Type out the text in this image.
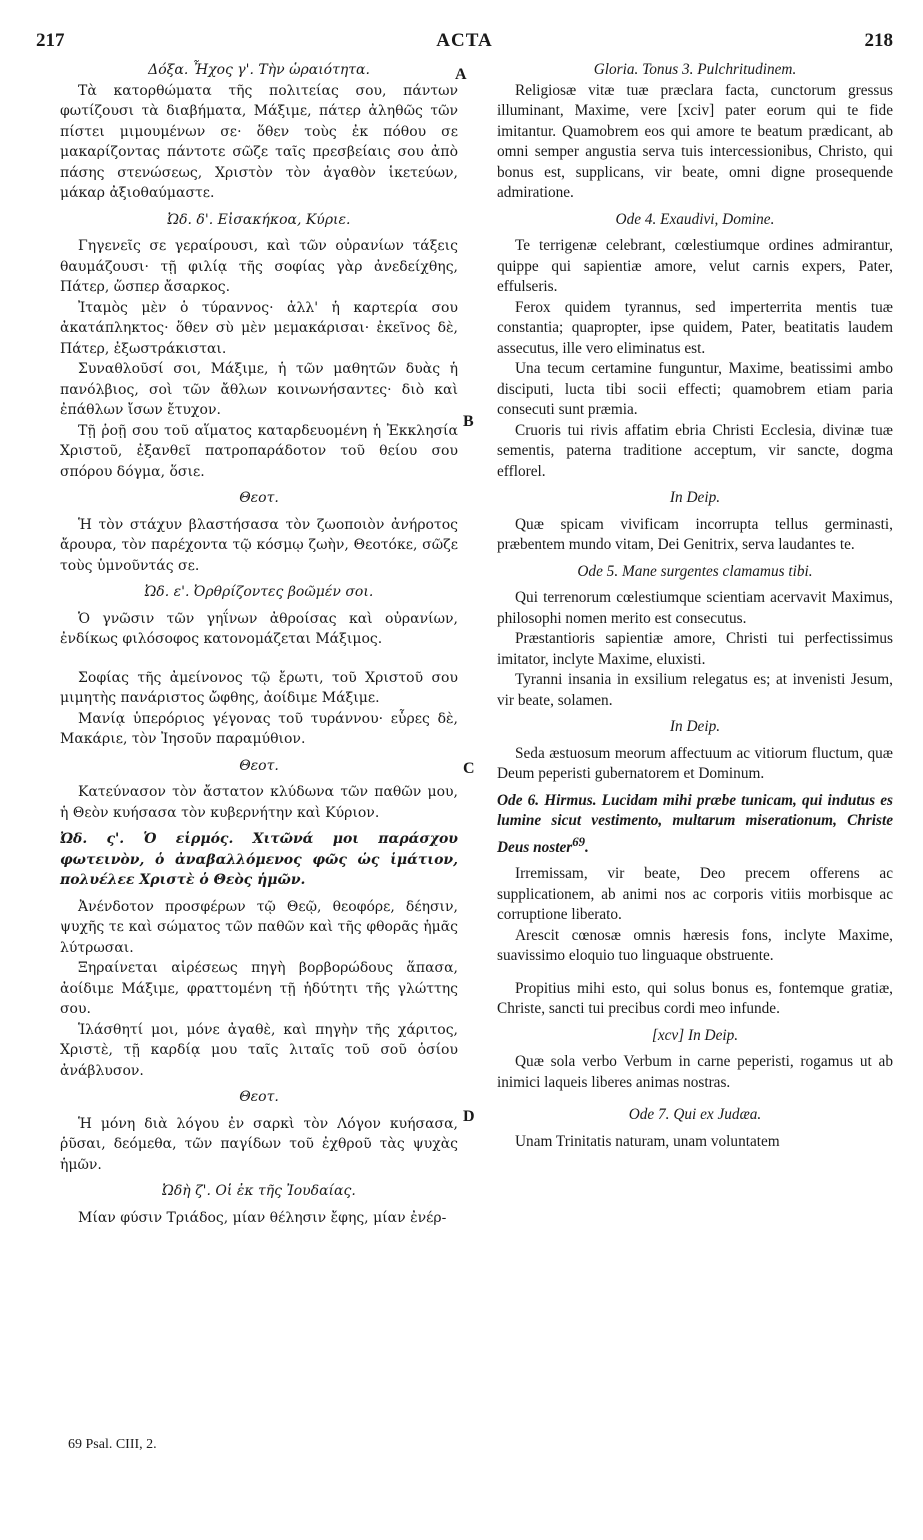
217	ACTA	218
A
B
C
D

Δόξα. Ἦχος γ'. Τὴν ὡραιότητα.

Τὰ κατορθώματα τῆς πολιτείας σου, πάντων φωτίζουσι τὰ διαβήματα, Μάξιμε, πάτερ ἀληθῶς τῶν πίστει μιμουμένων σε· ὅθεν τοὺς ἐκ πόθου σε μακαρίζοντας πάντοτε σῶζε ταῖς πρεσβείαις σου ἀπὸ πάσης στενώσεως, Χριστὸν τὸν ἀγαθὸν ἱκετεύων, μάκαρ ἀξιοθαύμαστε.

Ὠδ. δ'. Εἰσακήκοα, Κύριε.

Γηγενεῖς σε γεραίρουσι, καὶ τῶν οὐρανίων τάξεις θαυμάζουσι· τῇ φιλίᾳ τῆς σοφίας γὰρ ἀνεδείχθης, Πάτερ, ὥσπερ ἄσαρκος.

Ἰταμὸς μὲν ὁ τύραννος· ἀλλ' ἡ καρτερία σου ἀκατάπληκτος· ὅθεν σὺ μὲν μεμακάρισαι· ἐκεῖνος δὲ, Πάτερ, ἐξωστράκισται.

Συναθλοῦσί σοι, Μάξιμε, ἡ τῶν μαθητῶν δυὰς ἡ πανόλβιος, σοὶ τῶν ἄθλων κοινωνήσαντες· διὸ καὶ ἐπάθλων ἴσων ἔτυχον.

Τῇ ῥοῇ σου τοῦ αἵματος καταρδευομένη ἡ Ἐκκλησία Χριστοῦ, ἐξανθεῖ πατροπαράδοτον τοῦ θείου σου σπόρου δόγμα, ὅσιε.

Θεοτ.

Ἡ τὸν στάχυν βλαστήσασα τὸν ζωοποιὸν ἀνήροτος ἄρουρα, τὸν παρέχοντα τῷ κόσμῳ ζωὴν, Θεοτόκε, σῶζε τοὺς ὑμνοῦντάς σε.

Ὠδ. ε'. Ὀρθρίζοντες βοῶμέν σοι.

Ὁ γνῶσιν τῶν γηΐνων ἀθροίσας καὶ οὐρανίων, ἐνδίκως φιλόσοφος κατονομάζεται Μάξιμος.

Σοφίας τῆς ἀμείνονος τῷ ἔρωτι, τοῦ Χριστοῦ σου μιμητὴς πανάριστος ὤφθης, ἀοίδιμε Μάξιμε.

Μανίᾳ ὑπερόριος γέγονας τοῦ τυράννου· εὗρες δὲ, Μακάριε, τὸν Ἰησοῦν παραμύθιον.

Θεοτ.

Κατεύνασον τὸν ἄστατον κλύδωνα τῶν παθῶν μου, ἡ Θεὸν κυήσασα τὸν κυβερνήτην καὶ Κύριον.

Ὠδ. ς'. Ὁ εἱρμός. Χιτῶνά μοι παράσχου φωτεινὸν, ὁ ἀναβαλλόμενος φῶς ὡς ἱμάτιον, πολυέλεε Χριστὲ ὁ Θεὸς ἡμῶν.

Ἀνένδοτον προσφέρων τῷ Θεῷ, θεοφόρε, δέησιν, ψυχῆς τε καὶ σώματος τῶν παθῶν καὶ τῆς φθορᾶς ἡμᾶς λύτρωσαι.

Ξηραίνεται αἱρέσεως πηγὴ βορβορώδους ἅπασα, ἀοίδιμε Μάξιμε, φραττομένη τῇ ἡδύτητι τῆς γλώττης σου.

Ἱλάσθητί μοι, μόνε ἀγαθὲ, καὶ πηγὴν τῆς χάριτος, Χριστὲ, τῇ καρδίᾳ μου ταῖς λιταῖς τοῦ σοῦ ὁσίου ἀνάβλυσον.

Θεοτ.

Ἡ μόνη διὰ λόγου ἐν σαρκὶ τὸν Λόγον κυήσασα, ῥῦσαι, δεόμεθα, τῶν παγίδων τοῦ ἐχθροῦ τὰς ψυχὰς ἡμῶν.

Ὠδὴ ζ'. Οἱ ἐκ τῆς Ἰουδαίας.

Μίαν φύσιν Τριάδος, μίαν θέλησιν ἔφης, μίαν ἐνέρ-

Gloria. Tonus 3. Pulchritudinem.

Religiosæ vitæ tuæ præclara facta, cunctorum gressus illuminant, Maxime, vere [xciv] pater eorum qui te fide imitantur. Quamobrem eos qui amore te beatum prædicant, ab omni semper angustia serva tuis intercessionibus, Christo, qui bonus est, supplicans, vir beate, omni digne prosequende admiratione.

Ode 4. Exaudivi, Domine.

Te terrigenæ celebrant, cœlestiumque ordines admirantur, quippe qui sapientiæ amore, velut carnis expers, Pater, effulseris.

Ferox quidem tyrannus, sed imperterrita mentis tuæ constantia; quapropter, ipse quidem, Pater, beatitatis laudem assecutus, ille vero eliminatus est.

Una tecum certamine funguntur, Maxime, beatissimi ambo disciputi, lucta tibi socii effecti; quamobrem etiam paria consecuti sunt præmia.

Cruoris tui rivis affatim ebria Christi Ecclesia, divinæ tuæ sementis, paterna traditione acceptum, vir sancte, dogma efflorel.

In Deip.

Quæ spicam vivificam incorrupta tellus germinasti, præbentem mundo vitam, Dei Genitrix, serva laudantes te.

Ode 5. Mane surgentes clamamus tibi.

Qui terrenorum cœlestiumque scientiam acervavit Maximus, philosophi nomen merito est consecutus.

Præstantioris sapientiæ amore, Christi tui perfectissimus imitator, inclyte Maxime, eluxisti.

Tyranni insania in exsilium relegatus es; at invenisti Jesum, vir beate, solamen.

In Deip.

Seda æstuosum meorum affectuum ac vitiorum fluctum, quæ Deum peperisti gubernatorem et Dominum.

Ode 6. Hirmus. Lucidam mihi præbe tunicam, qui indutus es lumine sicut vestimento, multarum miserationum, Christe Deus noster$^{69}$.

Irremissam, vir beate, Deo precem offerens ac supplicationem, ab animi nos ac corporis vitiis morbisque ac corruptione liberato.

Arescit cœnosæ omnis hæresis fons, inclyte Maxime, suavissimo eloquio tuo linguaque obstruente.

Propitius mihi esto, qui solus bonus es, fontemque gratiæ, Christe, sancti tui precibus cordi meo infunde.

[xcv] In Deip.

Quæ sola verbo Verbum in carne peperisti, rogamus ut ab inimici laqueis liberes animas nostras.

Ode 7. Qui ex Judæa.

Unam Trinitatis naturam, unam voluntatem

69 Psal. CIII, 2.
